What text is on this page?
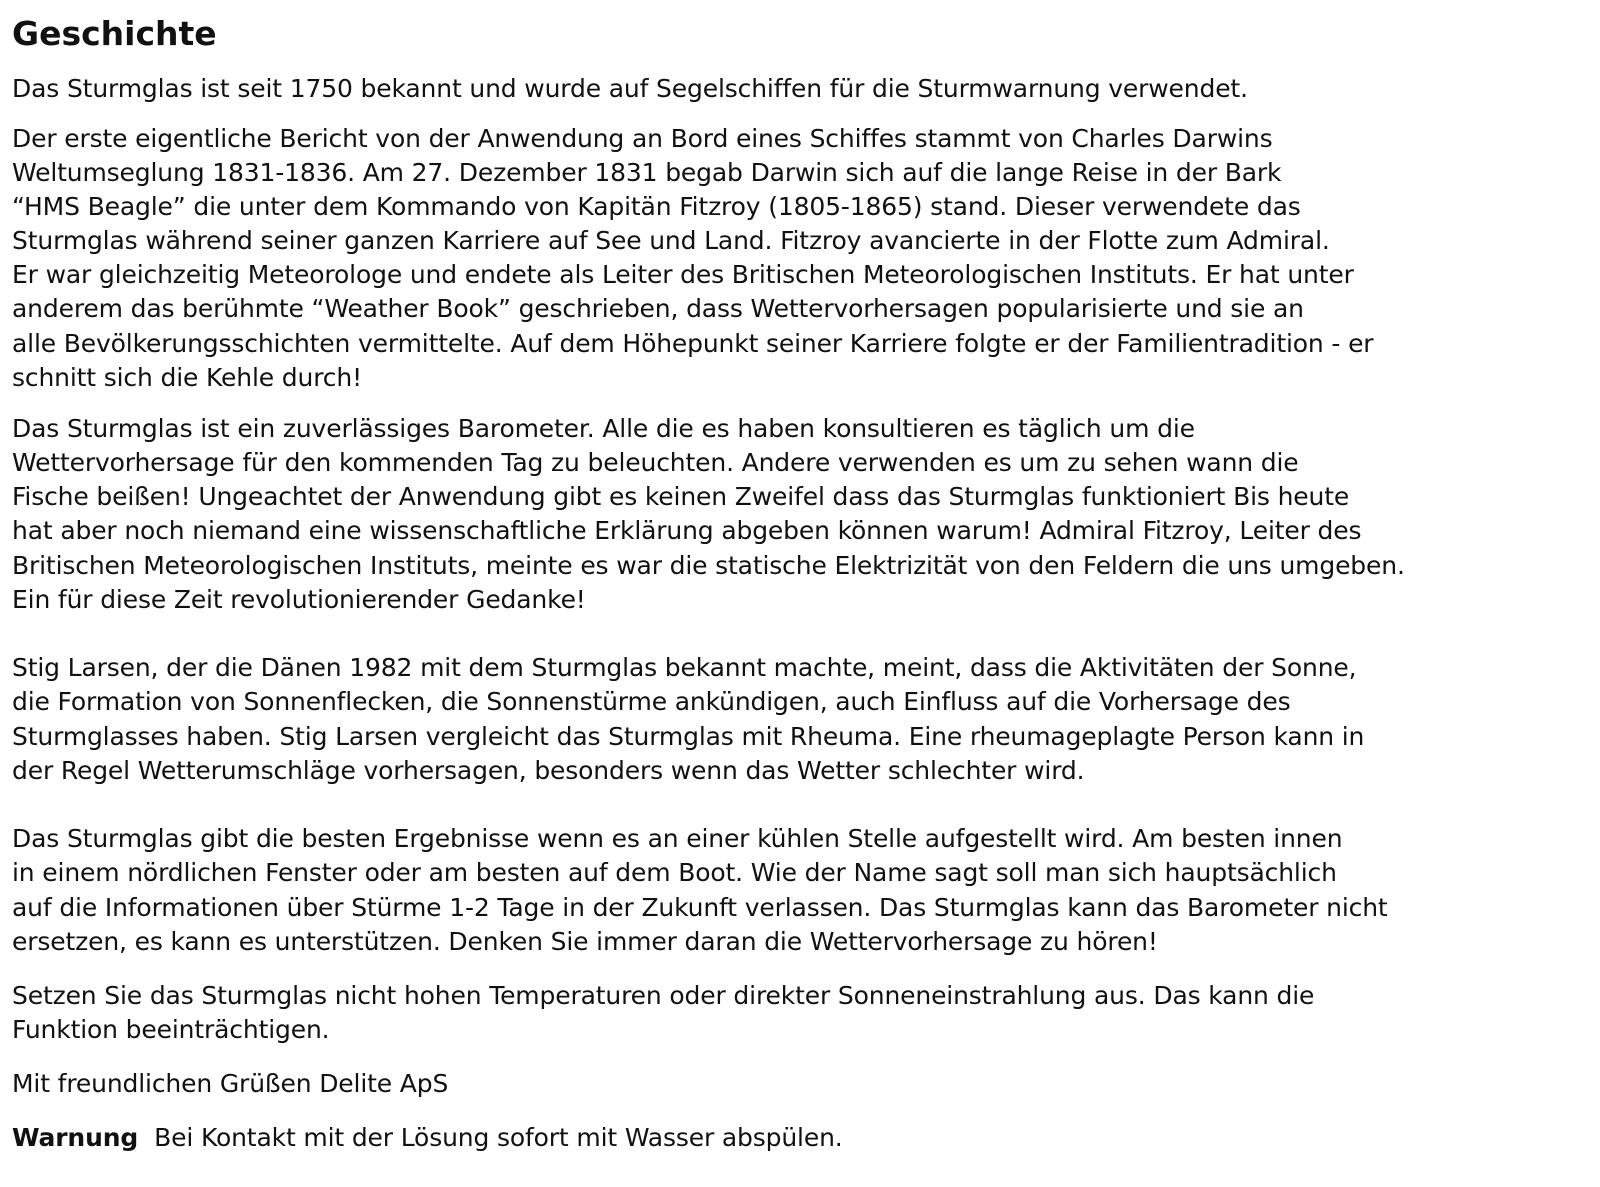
Geschichte

Das Sturmglas ist seit 1750 bekannt und wurde auf Segelschiffen für die Sturmwarnung verwendet.

Der erste eigentliche Bericht von der Anwendung an Bord eines Schiffes stammt von Charles Darwins

Weltumseglung 1831-1836. Am 27. Dezember 1831 begab Darwin sich auf die lange Reise in der Bark

“HMS Beagle” die unter dem Kommando von Kapitän Fitzroy (1805-1865) stand. Dieser verwendete das

Sturmglas während seiner ganzen Karriere auf See und Land. Fitzroy avancierte in der Flotte zum Admiral.

Er war gleichzeitig Meteorologe und endete als Leiter des Britischen Meteorologischen Instituts. Er hat unter

anderem das berühmte “Weather Book” geschrieben, dass Wettervorhersagen popularisierte und sie an

alle Bevölkerungsschichten vermittelte. Auf dem Höhepunkt seiner Karriere folgte er der Familientradition - er

schnitt sich die Kehle durch!

Das Sturmglas ist ein zuverlässiges Barometer. Alle die es haben konsultieren es täglich um die

Wettervorhersage für den kommenden Tag zu beleuchten. Andere verwenden es um zu sehen wann die

Fische beißen! Ungeachtet der Anwendung gibt es keinen Zweifel dass das Sturmglas funktioniert Bis heute

hat aber noch niemand eine wissenschaftliche Erklärung abgeben können warum! Admiral Fitzroy, Leiter des

Britischen Meteorologischen Instituts, meinte es war die statische Elektrizität von den Feldern die uns umgeben.

Ein für diese Zeit revolutionierender Gedanke!

Stig Larsen, der die Dänen 1982 mit dem Sturmglas bekannt machte, meint, dass die Aktivitäten der Sonne,

die Formation von Sonnenflecken, die Sonnenstürme ankündigen, auch Einfluss auf die Vorhersage des

Sturmglasses haben. Stig Larsen vergleicht das Sturmglas mit Rheuma. Eine rheumageplagte Person kann in

der Regel Wetterumschläge vorhersagen, besonders wenn das Wetter schlechter wird.

Das Sturmglas gibt die besten Ergebnisse wenn es an einer kühlen Stelle aufgestellt wird. Am besten innen

in einem nördlichen Fenster oder am besten auf dem Boot. Wie der Name sagt soll man sich hauptsächlich

auf die Informationen über Stürme 1-2 Tage in der Zukunft verlassen. Das Sturmglas kann das Barometer nicht

ersetzen, es kann es unterstützen. Denken Sie immer daran die Wettervorhersage zu hören!

Setzen Sie das Sturmglas nicht hohen Temperaturen oder direkter Sonneneinstrahlung aus. Das kann die

Funktion beeinträchtigen.

Mit freundlichen Grüßen Delite ApS

Warnung Bei Kontakt mit der Lösung sofort mit Wasser abspülen.
